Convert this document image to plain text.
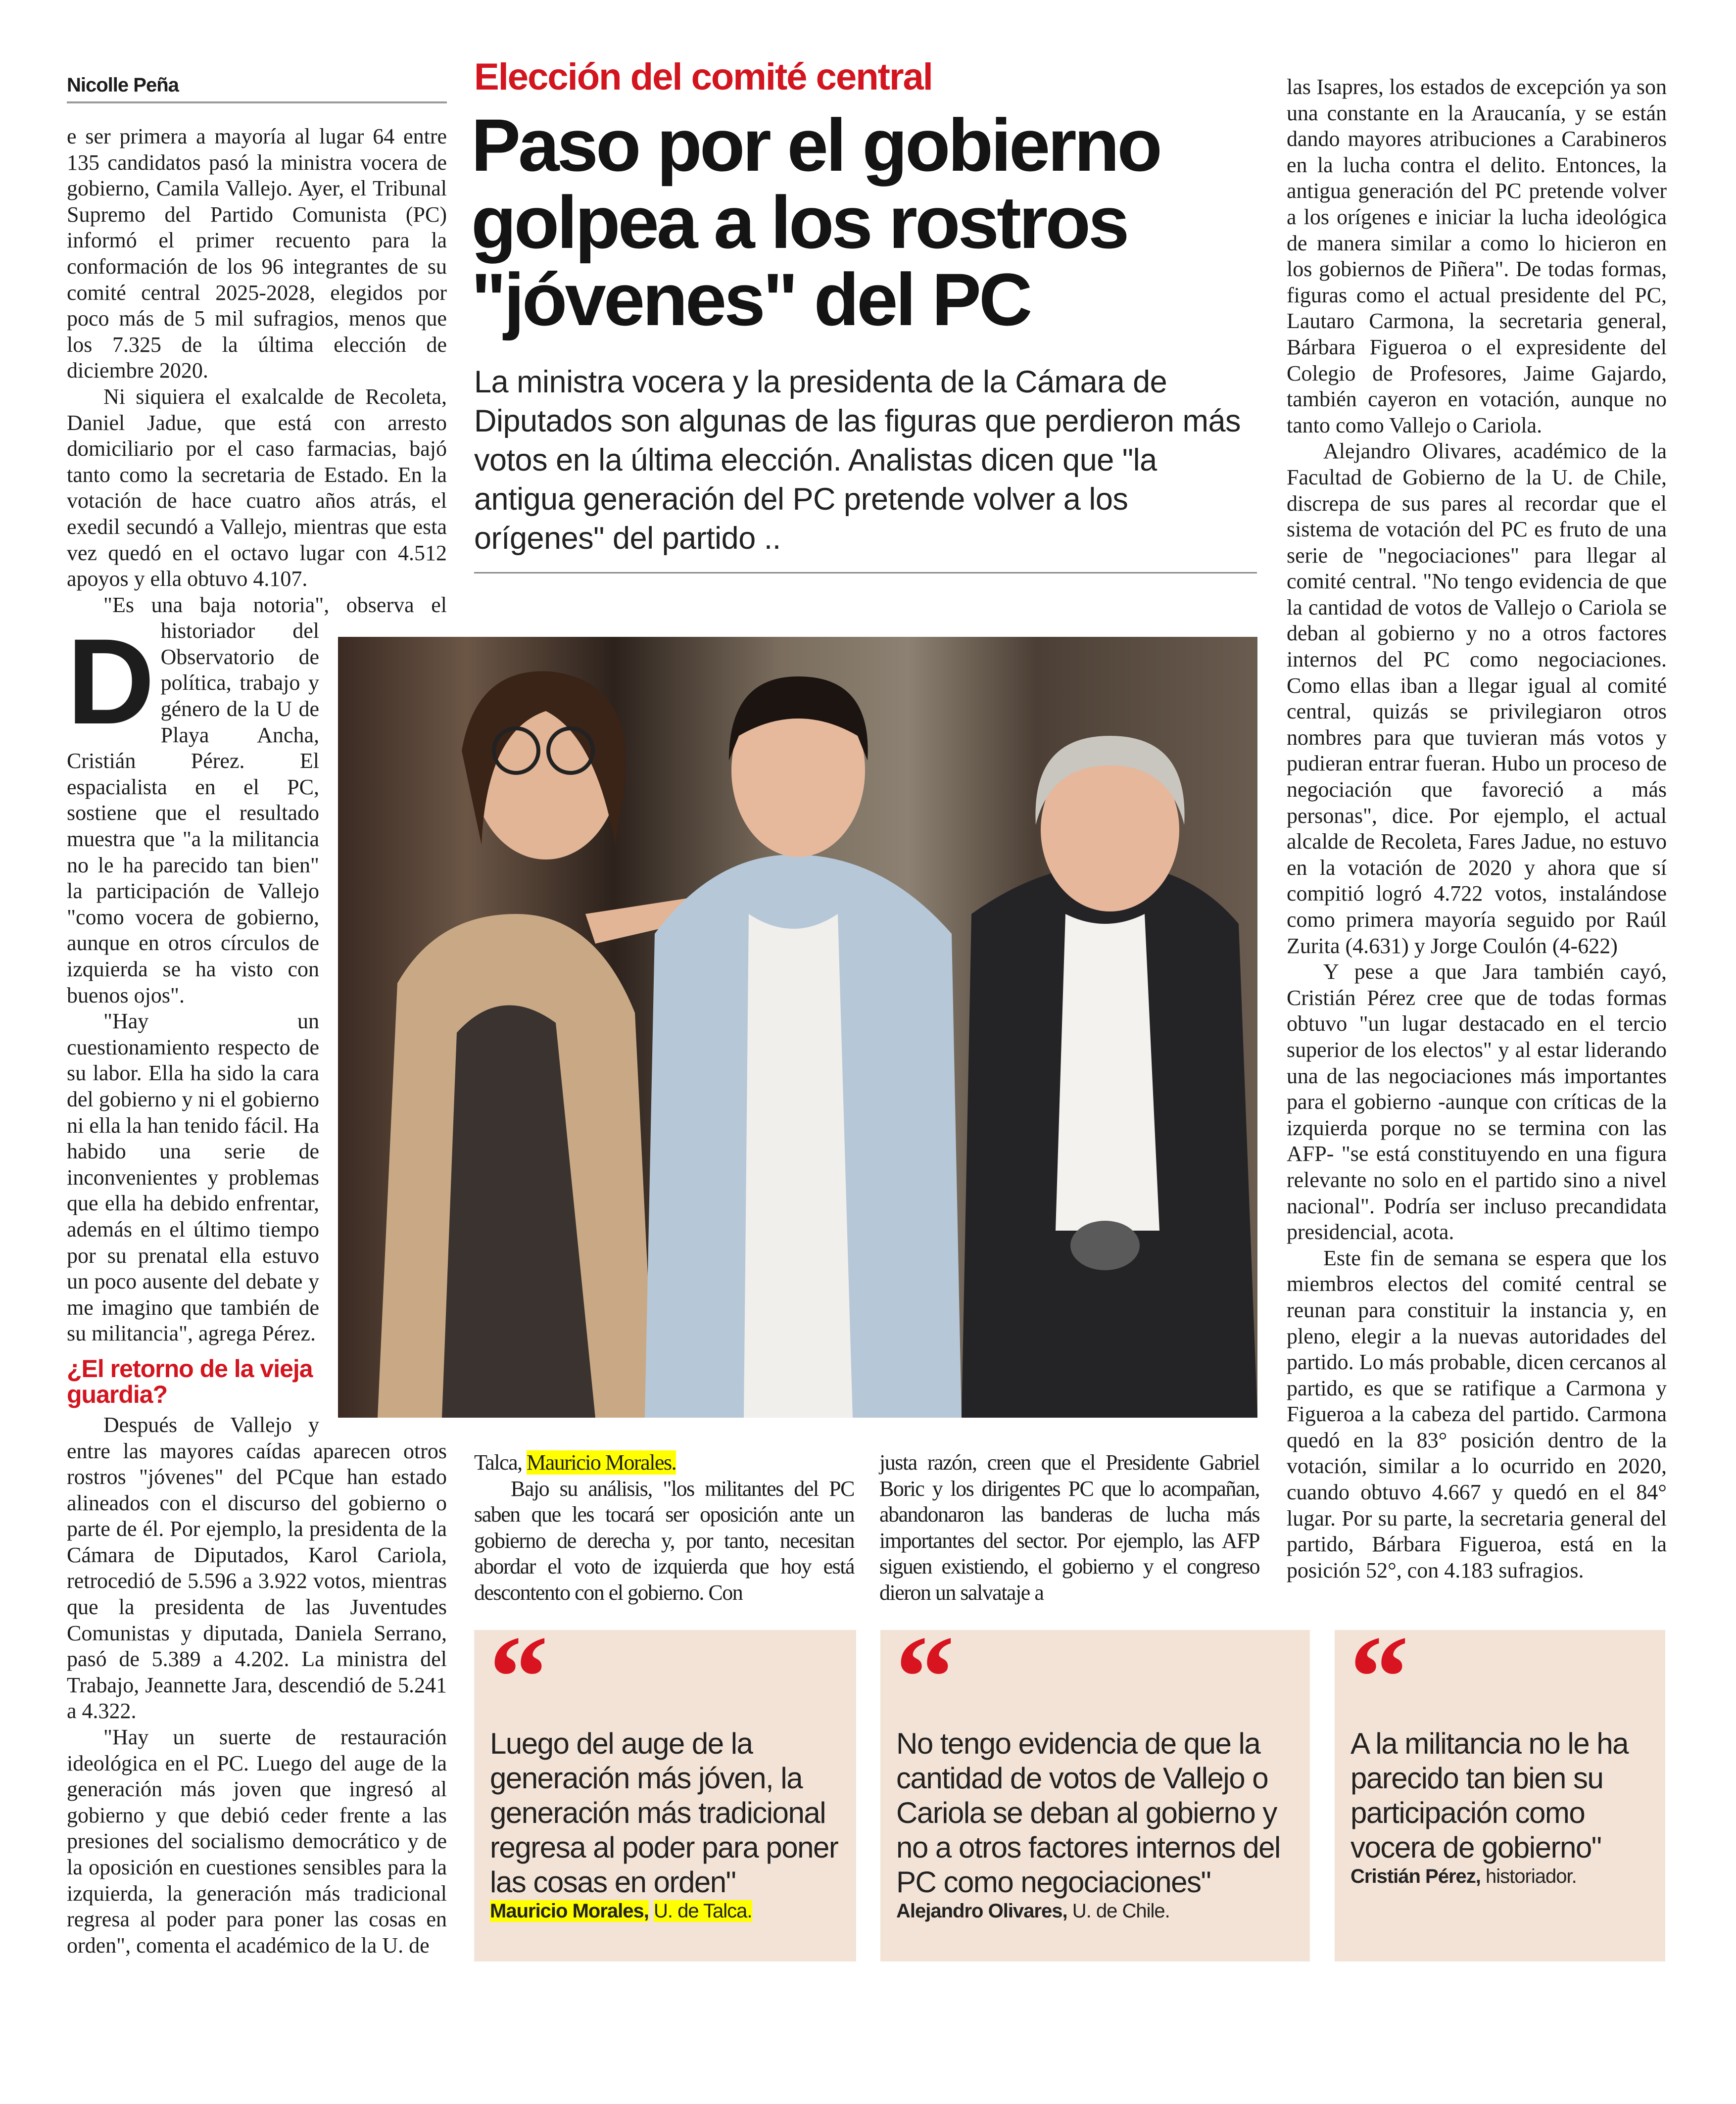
Nicolle Peña	Elección del comité central
Paso por el gobierno golpea a los rostros "jóvenes" del PC

La ministra vocera y la presidenta de la Cámara de Diputados son algunas de las figuras que perdieron más votos en la última elección. Analistas dicen que "la antigua generación del PC pretende volver a los orígenes" del partido ..

D
e ser primera a mayoría al lugar 64 entre 135 candidatos pasó la ministra vocera de gobierno, Camila Vallejo. Ayer, el Tribunal Supremo del Partido Comunista (PC) informó el primer recuento para la conformación de los 96 integrantes de su comité central 2025-2028, elegidos por poco más de 5 mil sufragios, menos que los 7.325 de la última elección de diciembre 2020.

Ni siquiera el exalcalde de Recoleta, Daniel Jadue, que está con arresto domiciliario por el caso farmacias, bajó tanto como la secretaria de Estado. En la votación de hace cuatro años atrás, el exedil secundó a Vallejo, mientras que esta vez quedó en el octavo lugar con 4.512 apoyos y ella obtuvo 4.107.

"Es una baja notoria", observa el historiador del Observatorio de política, trabajo y género de la U de Playa Ancha, Cristián Pérez. El espacialista en el PC, sostiene que el resultado muestra que "a la militancia no le ha parecido tan bien" la participación de Vallejo "como vocera de gobierno, aunque en otros círculos de izquierda se ha visto con buenos ojos".

"Hay un cuestionamiento respecto de su labor. Ella ha sido la cara del gobierno y ni el gobierno ni ella la han tenido fácil. Ha habido una serie de inconvenientes y problemas que ella ha debido enfrentar, además en el último tiempo por su prenatal ella estuvo un poco ausente del debate y me imagino que también de su militancia", agrega Pérez.

¿El retorno de la vieja guardia?

Después de Vallejo y entre las mayores caídas aparecen otros rostros "jóvenes" del PCque han estado alineados con el discurso del gobierno o parte de él. Por ejemplo, la presidenta de la Cámara de Diputados, Karol Cariola, retrocedió de 5.596 a 3.922 votos, mientras que la presidenta de las Juventudes Comunistas y diputada, Daniela Serrano, pasó de 5.389 a 4.202. La ministra del Trabajo, Jeannette Jara, descendió de 5.241 a 4.322.

"Hay un suerte de restauración ideológica en el PC. Luego del auge de la generación más joven que ingresó al gobierno y que debió ceder frente a las presiones del socialismo democrático y de la oposición en cuestiones sensibles para la izquierda, la generación más tradicional regresa al poder para poner las cosas en orden", comenta el académico de la U. de

Talca, Mauricio Morales.

Bajo su análisis, "los militantes del PC saben que les tocará ser oposición ante un gobierno de derecha y, por tanto, necesitan abordar el voto de izquierda que hoy está descontento con el gobierno. Con

justa razón, creen que el Presidente Gabriel Boric y los dirigentes PC que lo acompañan, abandonaron las banderas de lucha más importantes del sector. Por ejemplo, las AFP siguen existiendo, el gobierno y el congreso dieron un salvataje a

las Isapres, los estados de excepción ya son una constante en la Araucanía, y se están dando mayores atribuciones a Carabineros en la lucha contra el delito. Entonces, la antigua generación del PC pretende volver a los orígenes e iniciar la lucha ideológica de manera similar a como lo hicieron en los gobiernos de Piñera". De todas formas, figuras como el actual presidente del PC, Lautaro Carmona, la secretaria general, Bárbara Figueroa o el expresidente del Colegio de Profesores, Jaime Gajardo, también cayeron en votación, aunque no tanto como Vallejo o Cariola.

Alejandro Olivares, académico de la Facultad de Gobierno de la U. de Chile, discrepa de sus pares al recordar que el sistema de votación del PC es fruto de una serie de "negociaciones" para llegar al comité central. "No tengo evidencia de que la cantidad de votos de Vallejo o Cariola se deban al gobierno y no a otros factores internos del PC como negociaciones. Como ellas iban a llegar igual al comité central, quizás se privilegiaron otros nombres para que tuvieran más votos y pudieran entrar fueran. Hubo un proceso de negociación que favoreció a más personas", dice. Por ejemplo, el actual alcalde de Recoleta, Fares Jadue, no estuvo en la votación de 2020 y ahora que sí compitió logró 4.722 votos, instalándose como primera mayoría seguido por Raúl Zurita (4.631) y Jorge Coulón (4-622)

Y pese a que Jara también cayó, Cristián Pérez cree que de todas formas obtuvo "un lugar destacado en el tercio superior de los electos" y al estar liderando una de las negociaciones más importantes para el gobierno -aunque con críticas de la izquierda porque no se termina con las AFP- "se está constituyendo en una figura relevante no solo en el partido sino a nivel nacional". Podría ser incluso precandidata presidencial, acota.

Este fin de semana se espera que los miembros electos del comité central se reunan para constituir la instancia y, en pleno, elegir a la nuevas autoridades del partido. Lo más probable, dicen cercanos al partido, es que se ratifique a Carmona y Figueroa a la cabeza del partido. Carmona quedó en la 83° posición dentro de la votación, similar a lo ocurrido en 2020, cuando obtuvo 4.667 y quedó en el 84° lugar. Por su parte, la secretaria general del partido, Bárbara Figueroa, está en la posición 52°, con 4.183 sufragios.

“
Luego del auge de la generación más jóven, la generación más tradicional regresa al poder para poner las cosas en orden"
Mauricio Morales, U. de Talca.
“
No tengo evidencia de que la cantidad de votos de Vallejo o Cariola se deban al gobierno y no a otros factores internos del PC como negociaciones"
Alejandro Olivares, U. de Chile.
“
A la militancia no le ha parecido tan bien su participación como vocera de gobierno"
Cristián Pérez, historiador.
